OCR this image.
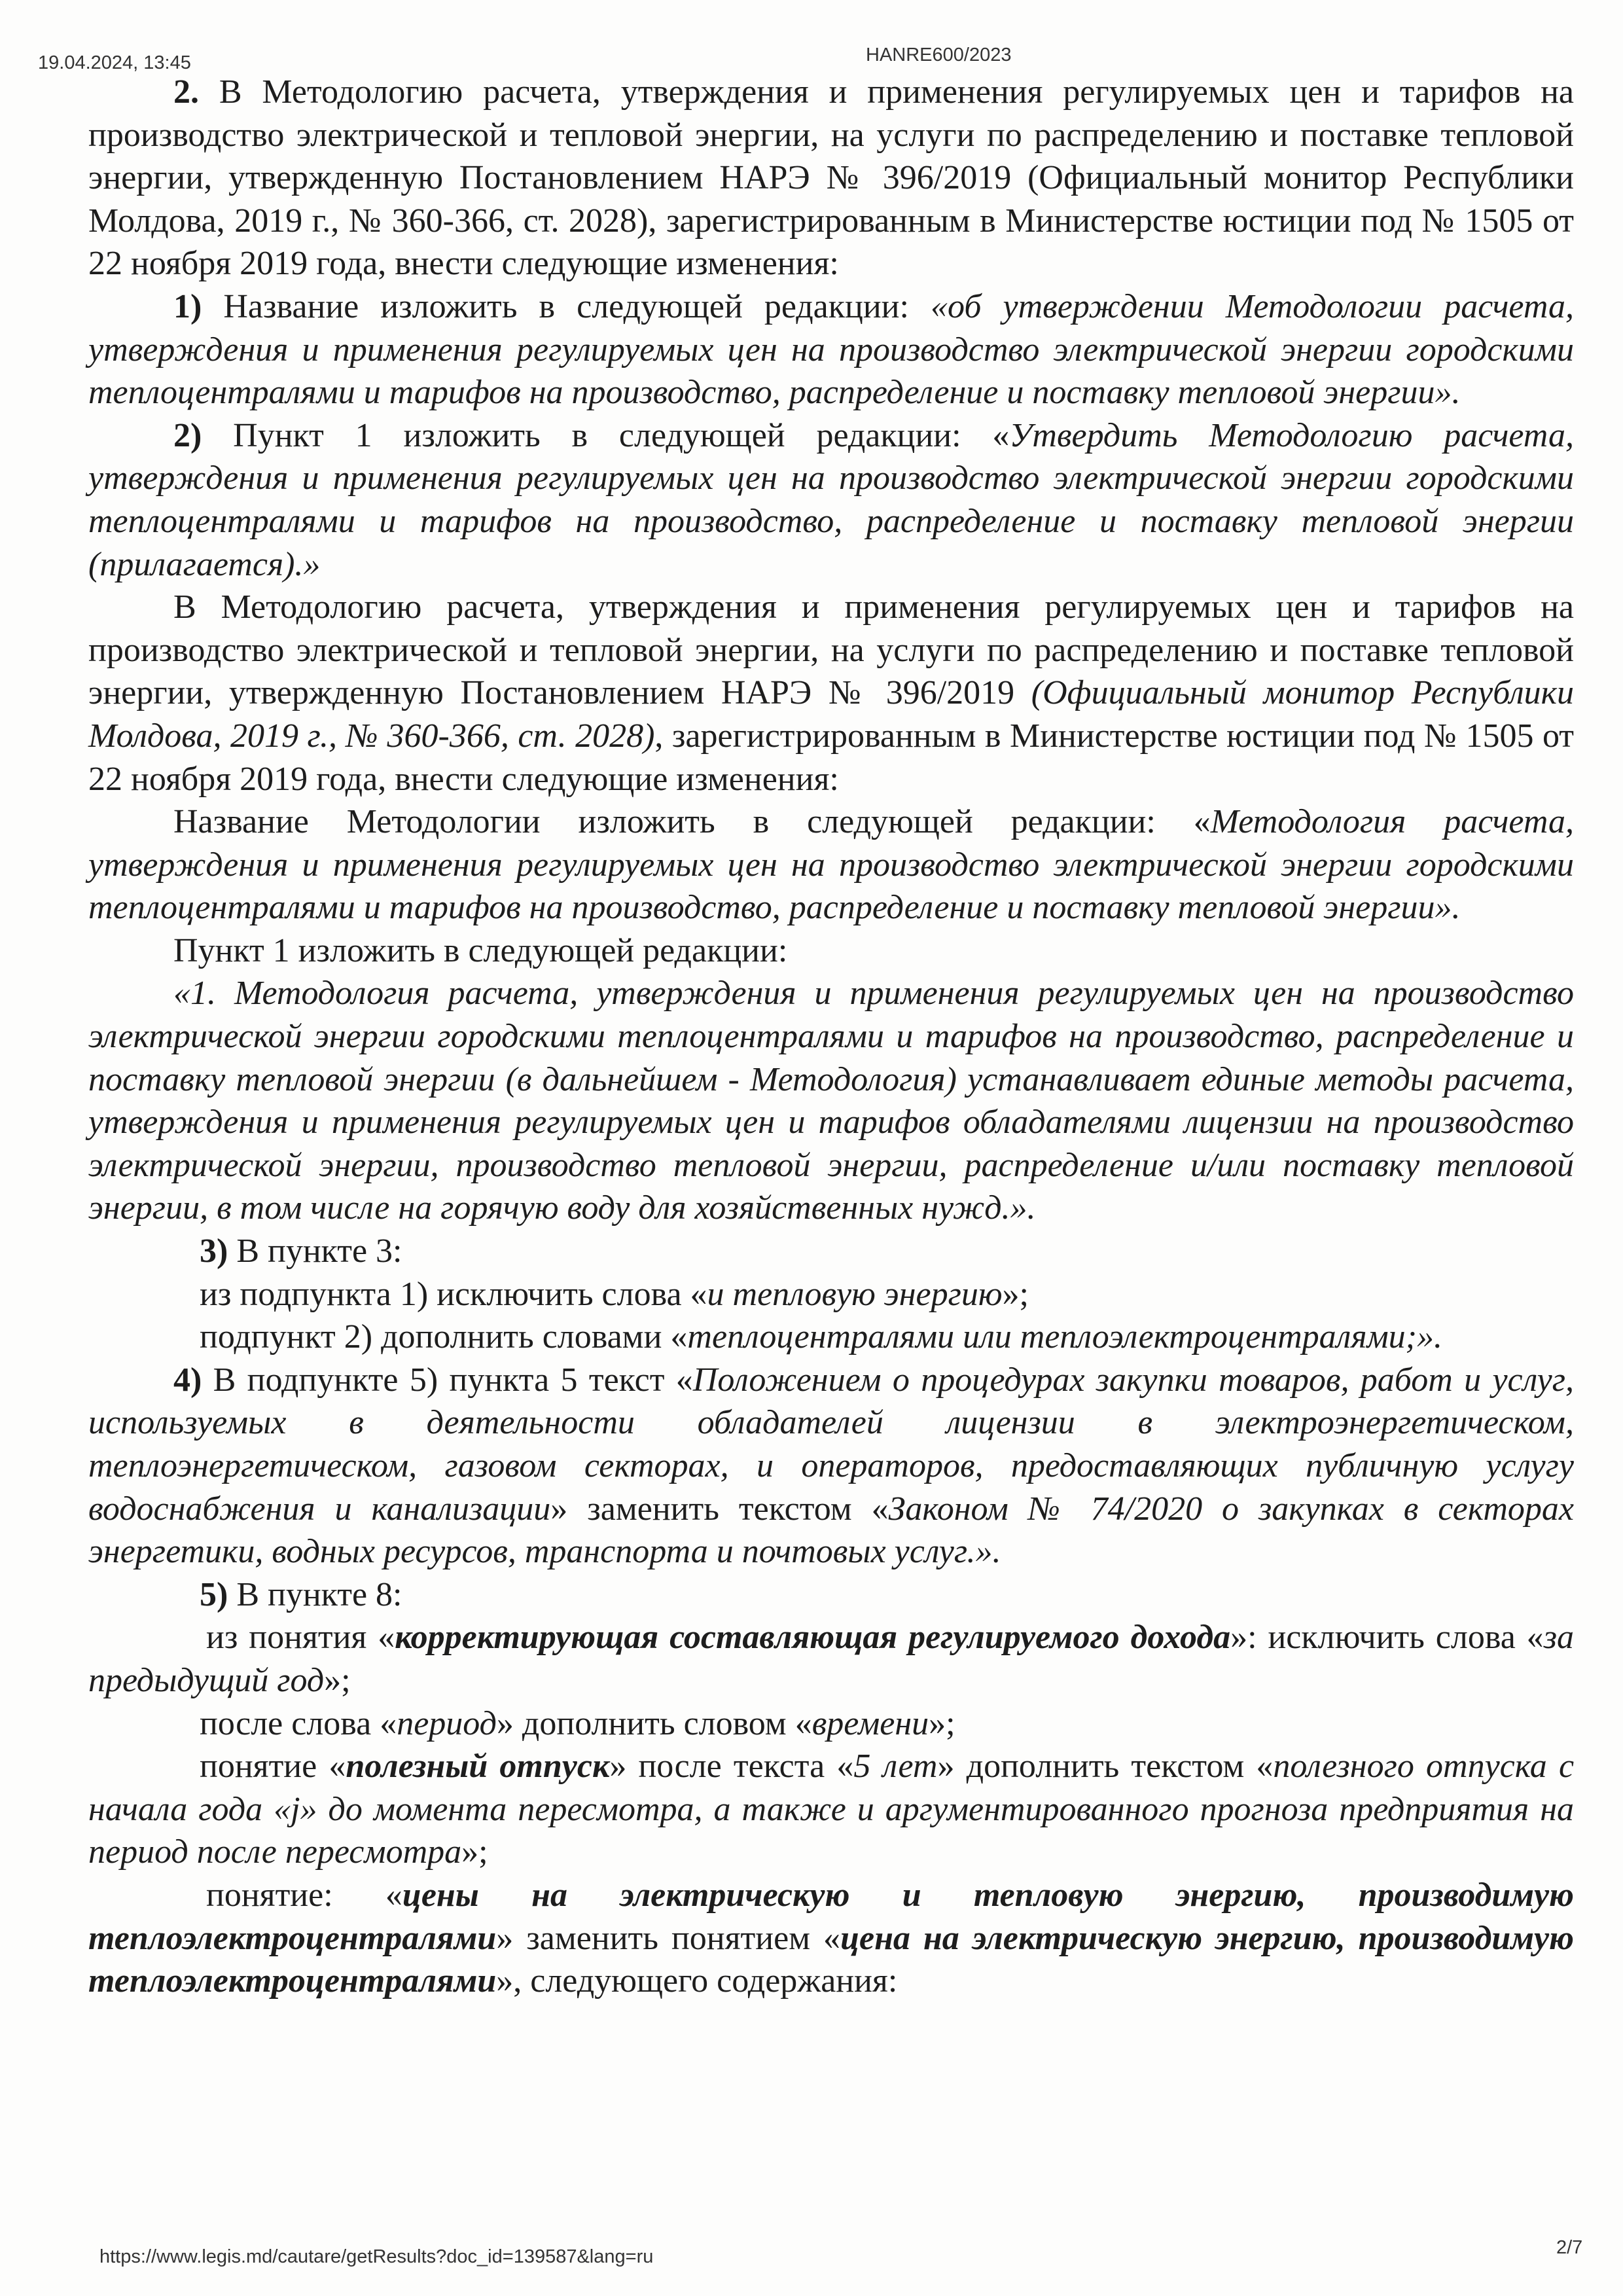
19.04.2024, 13:45	HANRE600/2023

2. В Методологию расчета, утверждения и применения регулируемых цен и тарифов на производство электрической и тепловой энергии, на услуги по распределению и поставке тепловой энергии, утвержденную Постановлением НАРЭ № 396/2019 (Официальный монитор Республики Молдова, 2019 г., № 360-366, ст. 2028), зарегистрированным в Министерстве юстиции под № 1505 от 22 ноября 2019 года, внести следующие изменения:

1) Название изложить в следующей редакции: «об утверждении Методологии расчета, утверждения и применения регулируемых цен на производство электрической энергии городскими теплоцентралями и тарифов на производство, распределение и поставку тепловой энергии».

2) Пункт 1 изложить в следующей редакции: «Утвердить Методологию расчета, утверждения и применения регулируемых цен на производство электрической энергии городскими теплоцентралями и тарифов на производство, распределение и поставку тепловой энергии (прилагается).»

В Методологию расчета, утверждения и применения регулируемых цен и тарифов на производство электрической и тепловой энергии, на услуги по распределению и поставке тепловой энергии, утвержденную Постановлением НАРЭ № 396/2019 (Официальный монитор Республики Молдова, 2019 г., № 360-366, ст. 2028), зарегистрированным в Министерстве юстиции под № 1505 от 22 ноября 2019 года, внести следующие изменения:

Название Методологии изложить в следующей редакции: «Методология расчета, утверждения и применения регулируемых цен на производство электрической энергии городскими теплоцентралями и тарифов на производство, распределение и поставку тепловой энергии».

Пункт 1 изложить в следующей редакции:

«1. Методология расчета, утверждения и применения регулируемых цен на производство электрической энергии городскими теплоцентралями и тарифов на производство, распределение и поставку тепловой энергии (в дальнейшем - Методология) устанавливает единые методы расчета, утверждения и применения регулируемых цен и тарифов обладателями лицензии на производство электрической энергии, производство тепловой энергии, распределение и/или поставку тепловой энергии, в том числе на горячую воду для хозяйственных нужд.».

3) В пункте 3:

из подпункта 1) исключить слова «и тепловую энергию»;

подпункт 2) дополнить словами «теплоцентралями или теплоэлектроцентралями;».

4) В подпункте 5) пункта 5 текст «Положением о процедурах закупки товаров, работ и услуг, используемых в деятельности обладателей лицензии в электроэнергетическом, теплоэнергетическом, газовом секторах, и операторов, предоставляющих публичную услугу водоснабжения и канализации» заменить текстом «Законом № 74/2020 о закупках в секторах энергетики, водных ресурсов, транспорта и почтовых услуг.».

5) В пункте 8:

из понятия «корректирующая составляющая регулируемого дохода»: исключить слова «за предыдущий год»;

после слова «период» дополнить словом «времени»;

понятие «полезный отпуск» после текста «5 лет» дополнить текстом «полезного отпуска с начала года «j» до момента пересмотра, а также и аргументированного прогноза предприятия на период после пересмотра»;

понятие: «цены на электрическую и тепловую энергию, производимую теплоэлектроцентралями» заменить понятием «цена на электрическую энергию, производимую теплоэлектроцентралями», следующего содержания:

https://www.legis.md/cautare/getResults?doc_id=139587&lang=ru	2/7
